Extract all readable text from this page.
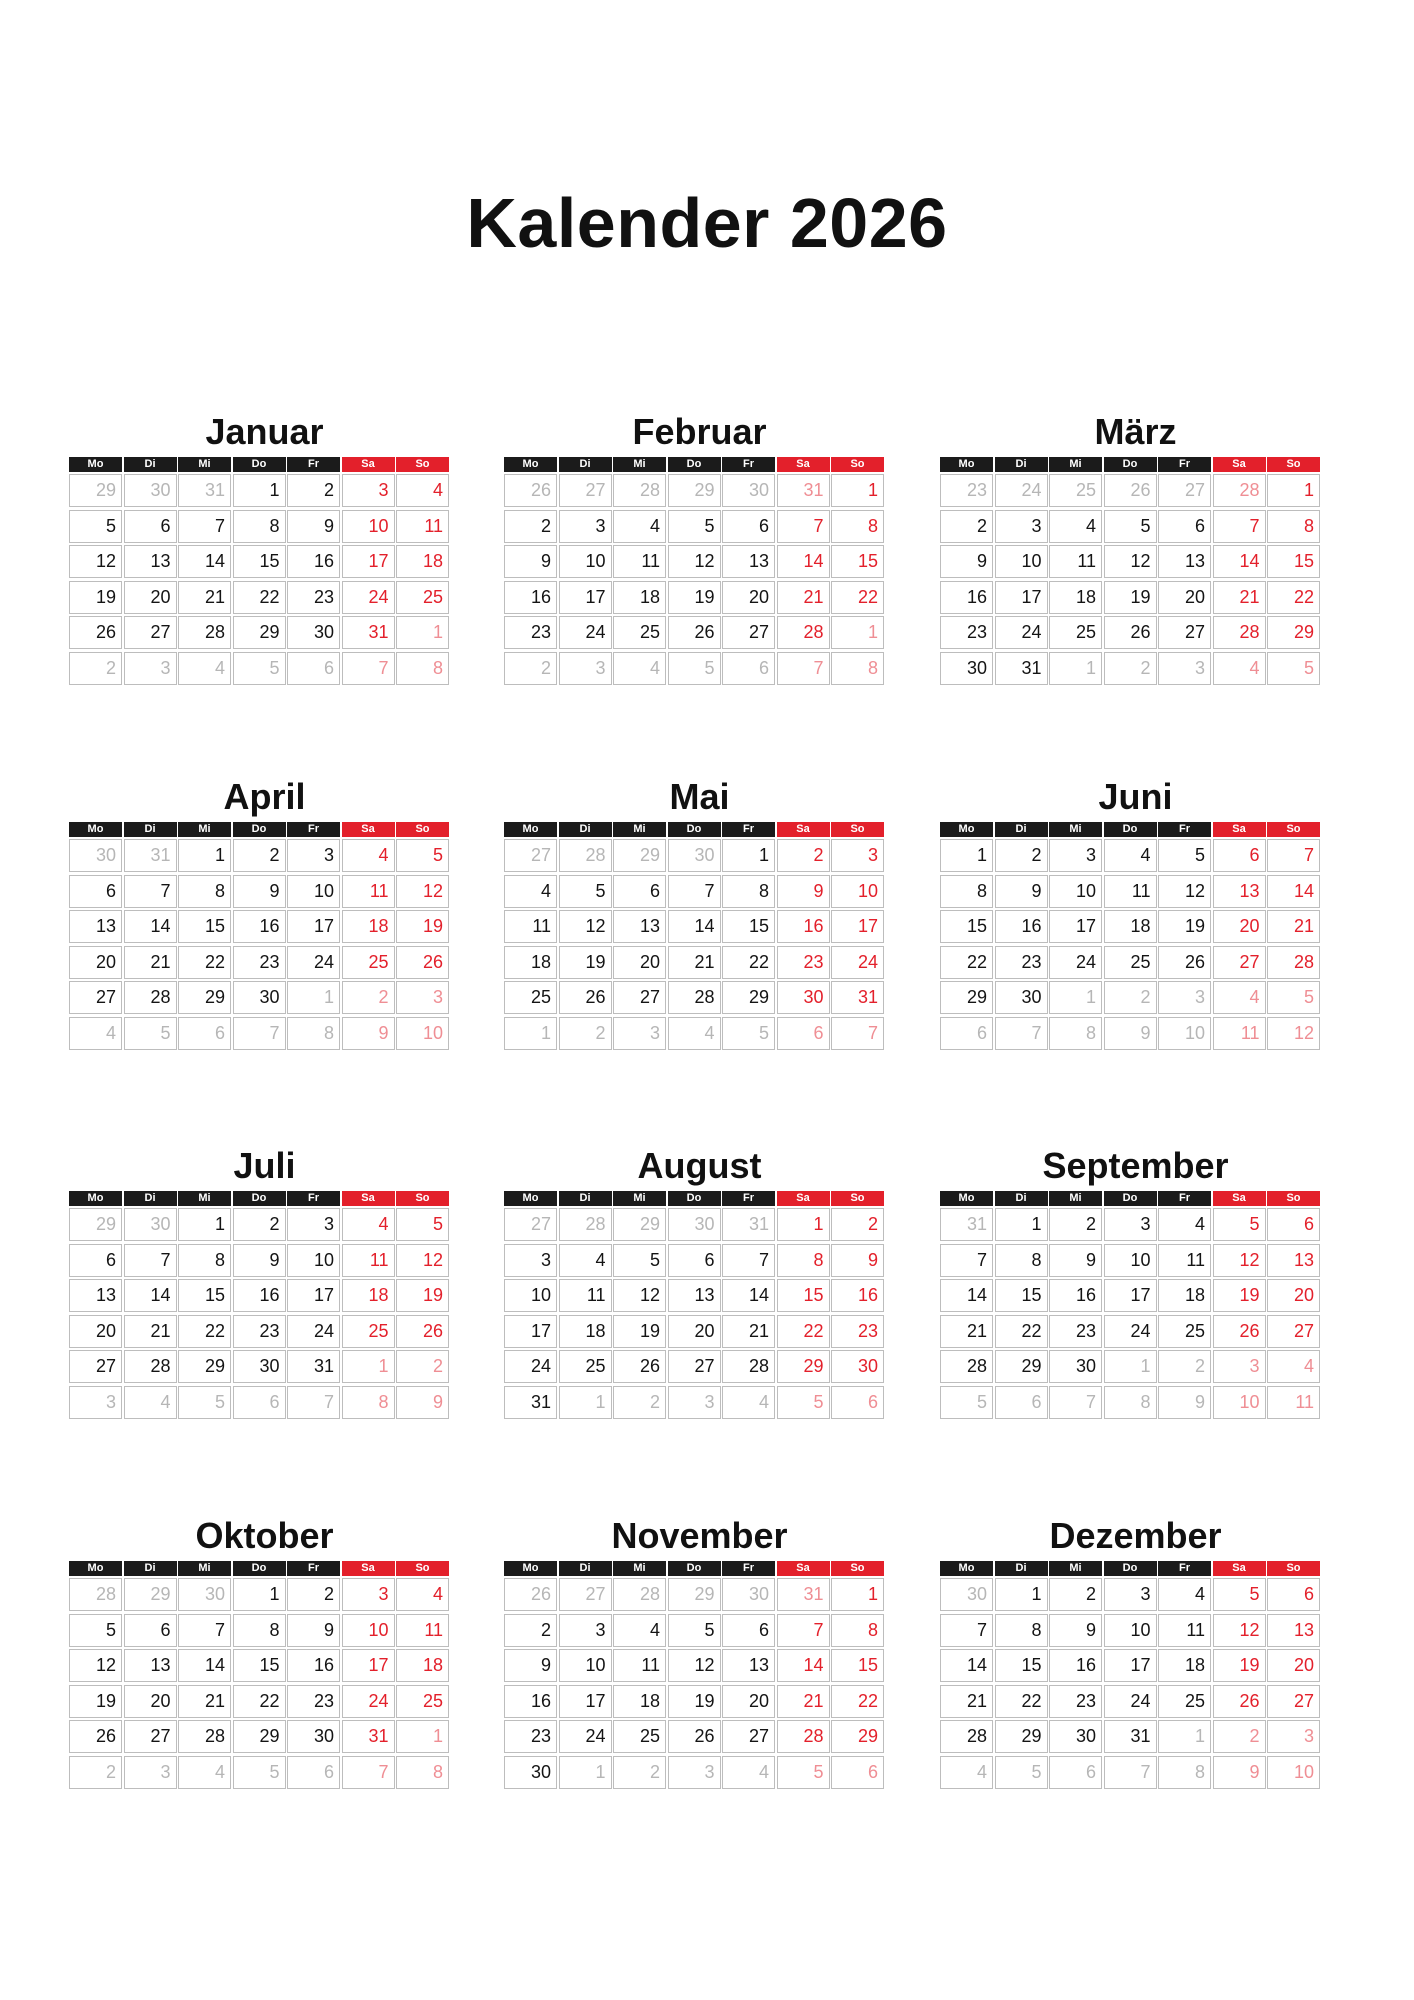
Kalender 2026
Januar
Mo	Di	Mi	Do	Fr	Sa	So
29	30	31	1	2	3	4
5	6	7	8	9	10	11
12	13	14	15	16	17	18
19	20	21	22	23	24	25
26	27	28	29	30	31	1
2	3	4	5	6	7	8
Februar
Mo	Di	Mi	Do	Fr	Sa	So
26	27	28	29	30	31	1
2	3	4	5	6	7	8
9	10	11	12	13	14	15
16	17	18	19	20	21	22
23	24	25	26	27	28	1
2	3	4	5	6	7	8
März
Mo	Di	Mi	Do	Fr	Sa	So
23	24	25	26	27	28	1
2	3	4	5	6	7	8
9	10	11	12	13	14	15
16	17	18	19	20	21	22
23	24	25	26	27	28	29
30	31	1	2	3	4	5
April
Mo	Di	Mi	Do	Fr	Sa	So
30	31	1	2	3	4	5
6	7	8	9	10	11	12
13	14	15	16	17	18	19
20	21	22	23	24	25	26
27	28	29	30	1	2	3
4	5	6	7	8	9	10
Mai
Mo	Di	Mi	Do	Fr	Sa	So
27	28	29	30	1	2	3
4	5	6	7	8	9	10
11	12	13	14	15	16	17
18	19	20	21	22	23	24
25	26	27	28	29	30	31
1	2	3	4	5	6	7
Juni
Mo	Di	Mi	Do	Fr	Sa	So
1	2	3	4	5	6	7
8	9	10	11	12	13	14
15	16	17	18	19	20	21
22	23	24	25	26	27	28
29	30	1	2	3	4	5
6	7	8	9	10	11	12
Juli
Mo	Di	Mi	Do	Fr	Sa	So
29	30	1	2	3	4	5
6	7	8	9	10	11	12
13	14	15	16	17	18	19
20	21	22	23	24	25	26
27	28	29	30	31	1	2
3	4	5	6	7	8	9
August
Mo	Di	Mi	Do	Fr	Sa	So
27	28	29	30	31	1	2
3	4	5	6	7	8	9
10	11	12	13	14	15	16
17	18	19	20	21	22	23
24	25	26	27	28	29	30
31	1	2	3	4	5	6
September
Mo	Di	Mi	Do	Fr	Sa	So
31	1	2	3	4	5	6
7	8	9	10	11	12	13
14	15	16	17	18	19	20
21	22	23	24	25	26	27
28	29	30	1	2	3	4
5	6	7	8	9	10	11
Oktober
Mo	Di	Mi	Do	Fr	Sa	So
28	29	30	1	2	3	4
5	6	7	8	9	10	11
12	13	14	15	16	17	18
19	20	21	22	23	24	25
26	27	28	29	30	31	1
2	3	4	5	6	7	8
November
Mo	Di	Mi	Do	Fr	Sa	So
26	27	28	29	30	31	1
2	3	4	5	6	7	8
9	10	11	12	13	14	15
16	17	18	19	20	21	22
23	24	25	26	27	28	29
30	1	2	3	4	5	6
Dezember
Mo	Di	Mi	Do	Fr	Sa	So
30	1	2	3	4	5	6
7	8	9	10	11	12	13
14	15	16	17	18	19	20
21	22	23	24	25	26	27
28	29	30	31	1	2	3
4	5	6	7	8	9	10
